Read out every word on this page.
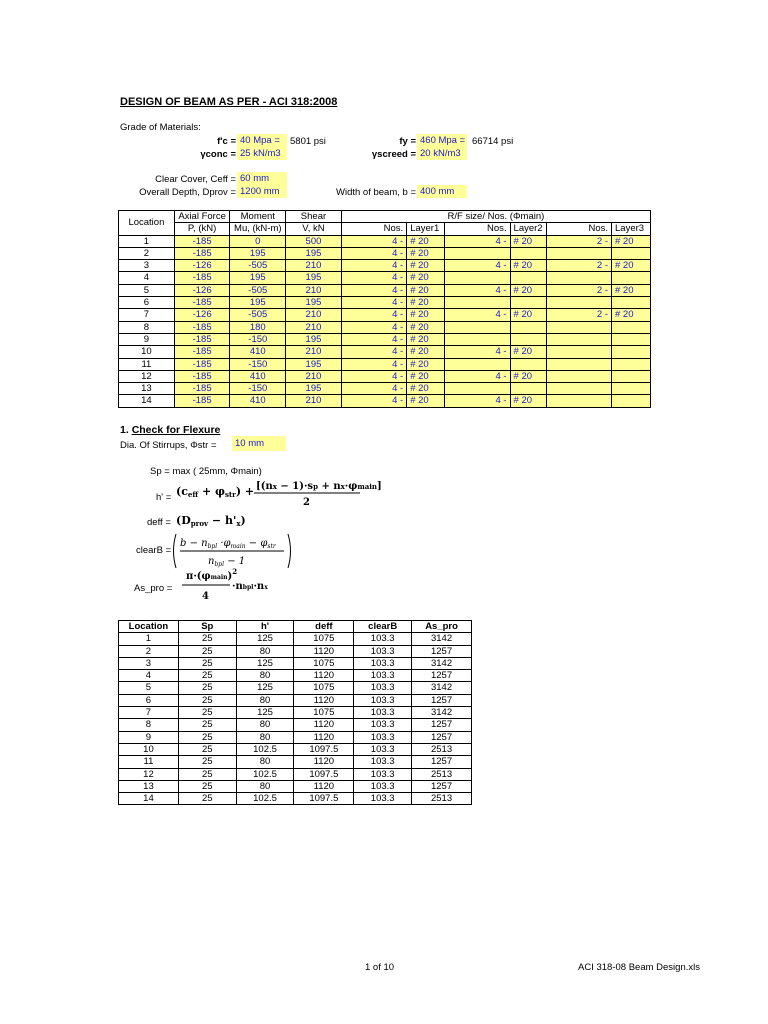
DESIGN OF BEAM AS PER - ACI 318:2008
Grade of Materials:
f'c = 40 Mpa =	5801 psi
γconc = 25 kN/m3
fy = 460 Mpa = 66714 psi
γscreed = 20 kN/m3
Clear Cover, Ceff = 60 mm
Overall Depth, Dprov = 1200 mm	Width of beam, b = 400 mm
Location	Axial Force	Moment	Shear	R/F size/ Nos. (Φmain)					
	P, (kN)	Mu, (kN-m)	V, kN	Nos.	Layer1	Nos.	Layer2	Nos.	Layer3
1	-185	0	500	4 -	# 20	4 -	# 20	2 -	# 20
2	-185	195	195	4 -	# 20				
3	-126	-505	210	4 -	# 20	4 -	# 20	2 -	# 20
4	-185	195	195	4 -	# 20				
5	-126	-505	210	4 -	# 20	4 -	# 20	2 -	# 20
6	-185	195	195	4 -	# 20				
7	-126	-505	210	4 -	# 20	4 -	# 20	2 -	# 20
8	-185	180	210	4 -	# 20				
9	-185	-150	195	4 -	# 20				
10	-185	410	210	4 -	# 20	4 -	# 20		
11	-185	-150	195	4 -	# 20				
12	-185	410	210	4 -	# 20	4 -	# 20		
13	-185	-150	195	4 -	# 20				
14	-185	410	210	4 -	# 20	4 -	# 20		
1. Check for Flexure
Dia. Of Stirrups, Φstr =	10 mm
Sp = max ( 25mm, Φmain)
h' = (ceff + φstr) + [(nx − 1)·sp + nx·φmain]
2
deff = (Dprov − h'x)
clearB =
$b - n_{bpl} \cdot\varphi_{main} - \varphi_{str}$
$n_{bpl} - 1$
As_pro =
π·(φmain)$^2$
4
·nbpl·nx
Location	Sp	h'	deff	clearB	As_pro
1	25	125	1075	103.3	3142
2	25	80	1120	103.3	1257
3	25	125	1075	103.3	3142
4	25	80	1120	103.3	1257
5	25	125	1075	103.3	3142
6	25	80	1120	103.3	1257
7	25	125	1075	103.3	3142
8	25	80	1120	103.3	1257
9	25	80	1120	103.3	1257
10	25	102.5	1097.5	103.3	2513
11	25	80	1120	103.3	1257
12	25	102.5	1097.5	103.3	2513
13	25	80	1120	103.3	1257
14	25	102.5	1097.5	103.3	2513
1 of 10	ACI 318-08 Beam Design.xls
